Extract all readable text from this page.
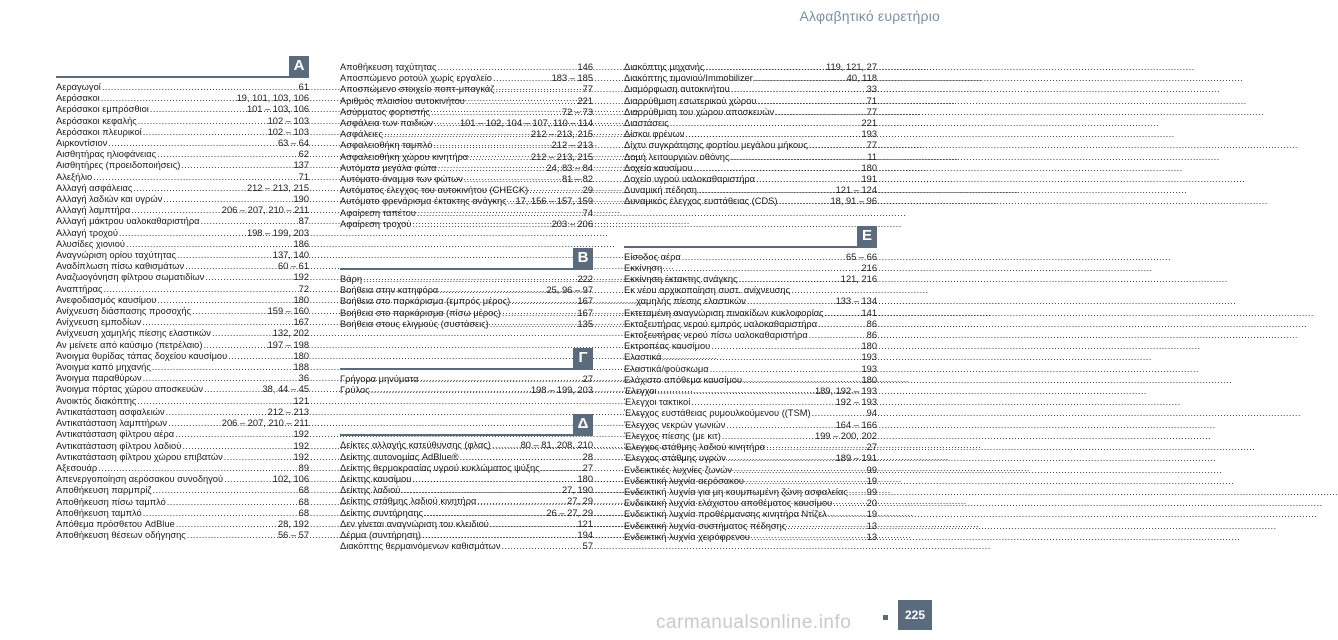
Αλφαβητικό ευρετήριο
Α
Αεραγωγοί .....	61
Αερόσακοι .....	19, 101, 103, 106
Αερόσακοι εμπρόσθιοι .....	101 – 103, 106
Αερόσακοι κεφαλής .....	102 – 103
Αερόσακοι πλευρικοί .....	102 – 103
Αιρκοντίσιον .....	63 – 64
Αισθητήρας ηλιοφάνειας .....	62
Αισθητήρες (προειδοποιήσεις) .....	137
Αλεξήλιο .....	71
Αλλαγή ασφάλειας .....	212 – 213, 215
Αλλαγή λαδιών και υγρών .....	190
Αλλαγή λαμπτήρα .....	206 – 207, 210 – 211
Αλλαγή μάκτρου υαλοκαθαριστήρα .....	87
Αλλαγή τροχού .....	198 – 199, 203
Αλυσίδες χιονιού .....	186
Αναγνώριση ορίου ταχύτητας .....	137, 140
Αναδίπλωση πίσω καθισμάτων .....	60 – 61
Αναζωογόνηση φίλτρου σωματιδίων .....	192
Αναπτήρας .....	72
Ανεφοδιασμός καυσίμου .....	180
Ανίχνευση διάσπασης προσοχής .....	159 – 160
Ανίχνευση εμποδίων .....	167
Ανίχνευση χαμηλής πίεσης ελαστικών .....	132, 202
Αν μείνετε από καύσιμο (πετρέλαιο) .....	197 – 198
Άνοιγμα θυρίδας τάπας δοχείου καυσίμου .....	180
Άνοιγμα καπό μηχανής .....	188
Άνοιγμα παραθύρων .....	36
Άνοιγμα πόρτας χώρου αποσκευών .....	38, 44 – 45
Ανοικτός διακόπτης .....	121
Αντικατάσταση ασφαλειών .....	212 – 213
Αντικατάσταση λαμπτήρων .....	206 – 207, 210 – 211
Αντικατάσταση φίλτρου αέρα .....	192
Αντικατάσταση φίλτρου λαδιού .....	192
Αντικατάσταση φίλτρου χώρου επιβατών .....	192
Αξεσουάρ .....	89
Απενεργοποίηση αερόσακου συνοδηγού .....	102, 106
Αποθήκευση παρμπρίζ .....	68
Αποθήκευση πίσω ταμπλό .....	68
Αποθήκευση ταμπλό .....	68
Απόθεμα πρόσθετου AdBlue .....	28, 192
Αποθήκευση θέσεων οδήγησης .....	56 – 57
Αποθήκευση ταχύτητας .....	146
Αποσπώμενο ροτούλ χωρίς εργαλείο .....	183 – 185
Αποσπώμενο στοιχείο ποπτ-μπαγκάζ .....	77
Αριθμός πλαισίου αυτοκινήτου .....	221
Ασύρματος φορτιστής .....	72 – 73
Ασφάλεια των παιδιών .....	101 – 102, 104 – 107, 110 – 114
Ασφάλειες .....	212 – 213, 215
Ασφαλειοθήκη ταμπλό .....	212 – 213
Ασφαλειοθήκη χώρου κινητήρα .....	212 – 213, 215
Αυτόματα μεγάλα φώτα .....	24, 83 – 84
Αυτόματο άναμμα των φώτων .....	81 – 82
Αυτόματος έλεγχος του αυτοκινήτου (CHECK) .....	29
Αυτόματο φρενάρισμα έκτακτης ανάγκης ..... 17, 156 – 157, 159
Αφαίρεση ταπέτου .....	74
Αφαίρεση τροχού .....	203 – 206
Β
Βάρη .....	222
Βοήθεια στην κατηφόρα .....	25, 96 – 97
Βοήθεια στο παρκάρισμα (εμπρός μέρος) .....	167
Βοήθεια στο παρκάρισμα (πίσω μέρος) .....	167
Βοήθεια στους ελιγμούς (συστάσεις) .....	135
Γ
Γρήγορα μηνύματα .....	27
Γρύλος .....	198 – 199, 203
Δ
Δείκτες αλλαγής κατεύθυνσης (φλας) .....	80 – 81, 208, 210
Δείκτης αυτονομίας AdBlue® .....	28
Δείκτης θερμοκρασίας υγρού κυκλώματος ψύξης .....	27
Δείκτης καυσίμου .....	180
Δείκτης λαδιού .....	27, 190
Δείκτης στάθμης λαδιού κινητήρα .....	27, 29
Δείκτης συντήρησης .....	26 – 27, 29
Δεν γίνεται αναγνώριση του κλειδιού .....	121
Δέρμα (συντήρηση) .....	194
Διακόπτης θερμαινόμενων καθισμάτων .....	57
Διακόπτης μηχανής .....	119, 121, 27
Διακόπτης τιμονιού/Immobilizer .....	40, 118
Διαμόρφωση αυτοκινήτου .....	33
Διαρρύθμιση εσωτερικού χώρου .....	71
Διαρρύθμιση του χώρου αποσκευών .....	77
Διαστάσεις .....	221
Δίσκοι φρένων .....	193
Δίχτυ συγκράτησης φορτίου μεγάλου μήκους .....	77
Δομή λειτουργιών οθόνης .....	11
Δοχείο καυσίμου .....	180
Δοχείο υγρού υαλοκαθαριστήρα .....	191
Δυναμική πέδηση .....	121 – 124
Δυναμικός έλεγχος ευστάθειας (CDS) .....	18, 91 – 96
Ε
Είσοδος αέρα .....	65 – 66
Εκκίνηση .....	216
Εκκίνηση έκτακτης ανάγκης .....	121, 216
Εκ νέου αρχικοποίηση συστ. ανίχνευσης
χαμηλής πίεσης ελαστικών .....	133 – 134
Εκτεταμένη αναγνώριση πινακίδων κυκλοφορίας .....	141
Εκτοξευτήρας νερού εμπρός υαλοκαθαριστήρα .....	86
Εκτοξευτήρας νερού πίσω υαλοκαθαριστήρα .....	86
Εκτροπέας καυσίμου .....	180
Ελαστικά .....	193
Ελαστικά/φούσκωμα .....	193
Ελάχιστο απόθεμα καυσίμου .....	180
Έλεγχοι .....	189, 192 – 193
Έλεγχοι τακτικοί .....	192 – 193
Έλεγχος ευστάθειας ρυμουλκούμενου ((TSM) .....	94
Έλεγχος νεκρών γωνιών .....	164 – 166
Έλεγχος πίεσης (με κιτ) .....	199 – 200, 202
Έλεγχος στάθμης λαδιού κινητήρα .....	27
Έλεγχος στάθμης υγρών .....	189 – 191
Ενδεικτικές λυχνίες ζωνών .....	99
Ενδεικτική λυχνία αερόσακου .....	19
Ενδεικτική λυχνία για μη κουμπωμένη ζώνη ασφαλείας ..... 99
Ενδεικτική λυχνία ελάχιστου αποθέματος καυσίμου .....	20
Ενδεικτική λυχνία προθέρμανσης κινητήρα Ντίζελ .....	19
Ενδεικτική λυχνία συστήματος πέδησης .....	13
Ενδεικτική λυχνία χειρόφρενου .....	13
225
carmanualsonline.info
